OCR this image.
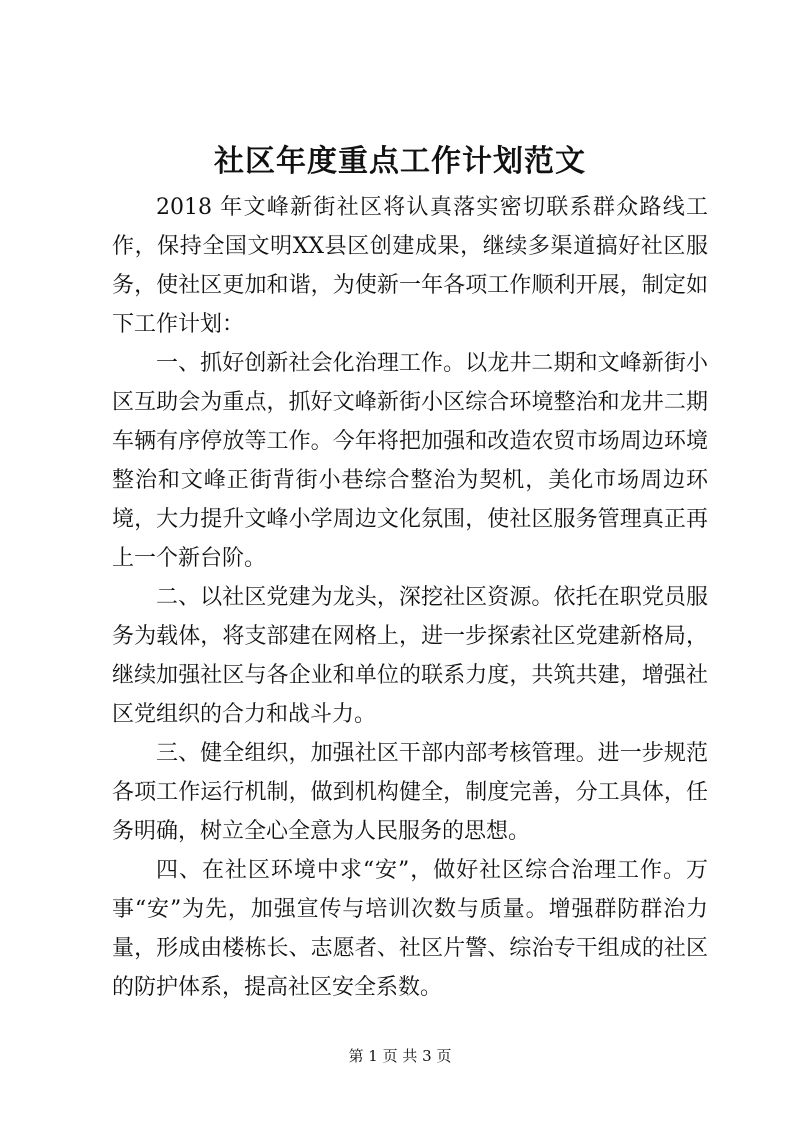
社区年度重点工作计划范文

2018 年文峰新街社区将认真落实密切联系群众路线工作，保持全国文明XX县区创建成果，继续多渠道搞好社区服务，使社区更加和谐，为使新一年各项工作顺利开展，制定如下工作计划：

一、抓好创新社会化治理工作。以龙井二期和文峰新街小区互助会为重点，抓好文峰新街小区综合环境整治和龙井二期车辆有序停放等工作。今年将把加强和改造农贸市场周边环境整治和文峰正街背街小巷综合整治为契机，美化市场周边环境，大力提升文峰小学周边文化氛围，使社区服务管理真正再上一个新台阶。

二、以社区党建为龙头，深挖社区资源。依托在职党员服务为载体，将支部建在网格上，进一步探索社区党建新格局，继续加强社区与各企业和单位的联系力度，共筑共建，增强社区党组织的合力和战斗力。

三、健全组织，加强社区干部内部考核管理。进一步规范各项工作运行机制，做到机构健全，制度完善，分工具体，任务明确，树立全心全意为人民服务的思想。

四、在社区环境中求“安”，做好社区综合治理工作。万事“安”为先，加强宣传与培训次数与质量。增强群防群治力量，形成由楼栋长、志愿者、社区片警、综治专干组成的社区的防护体系，提高社区安全系数。

第 1 页 共 3 页
